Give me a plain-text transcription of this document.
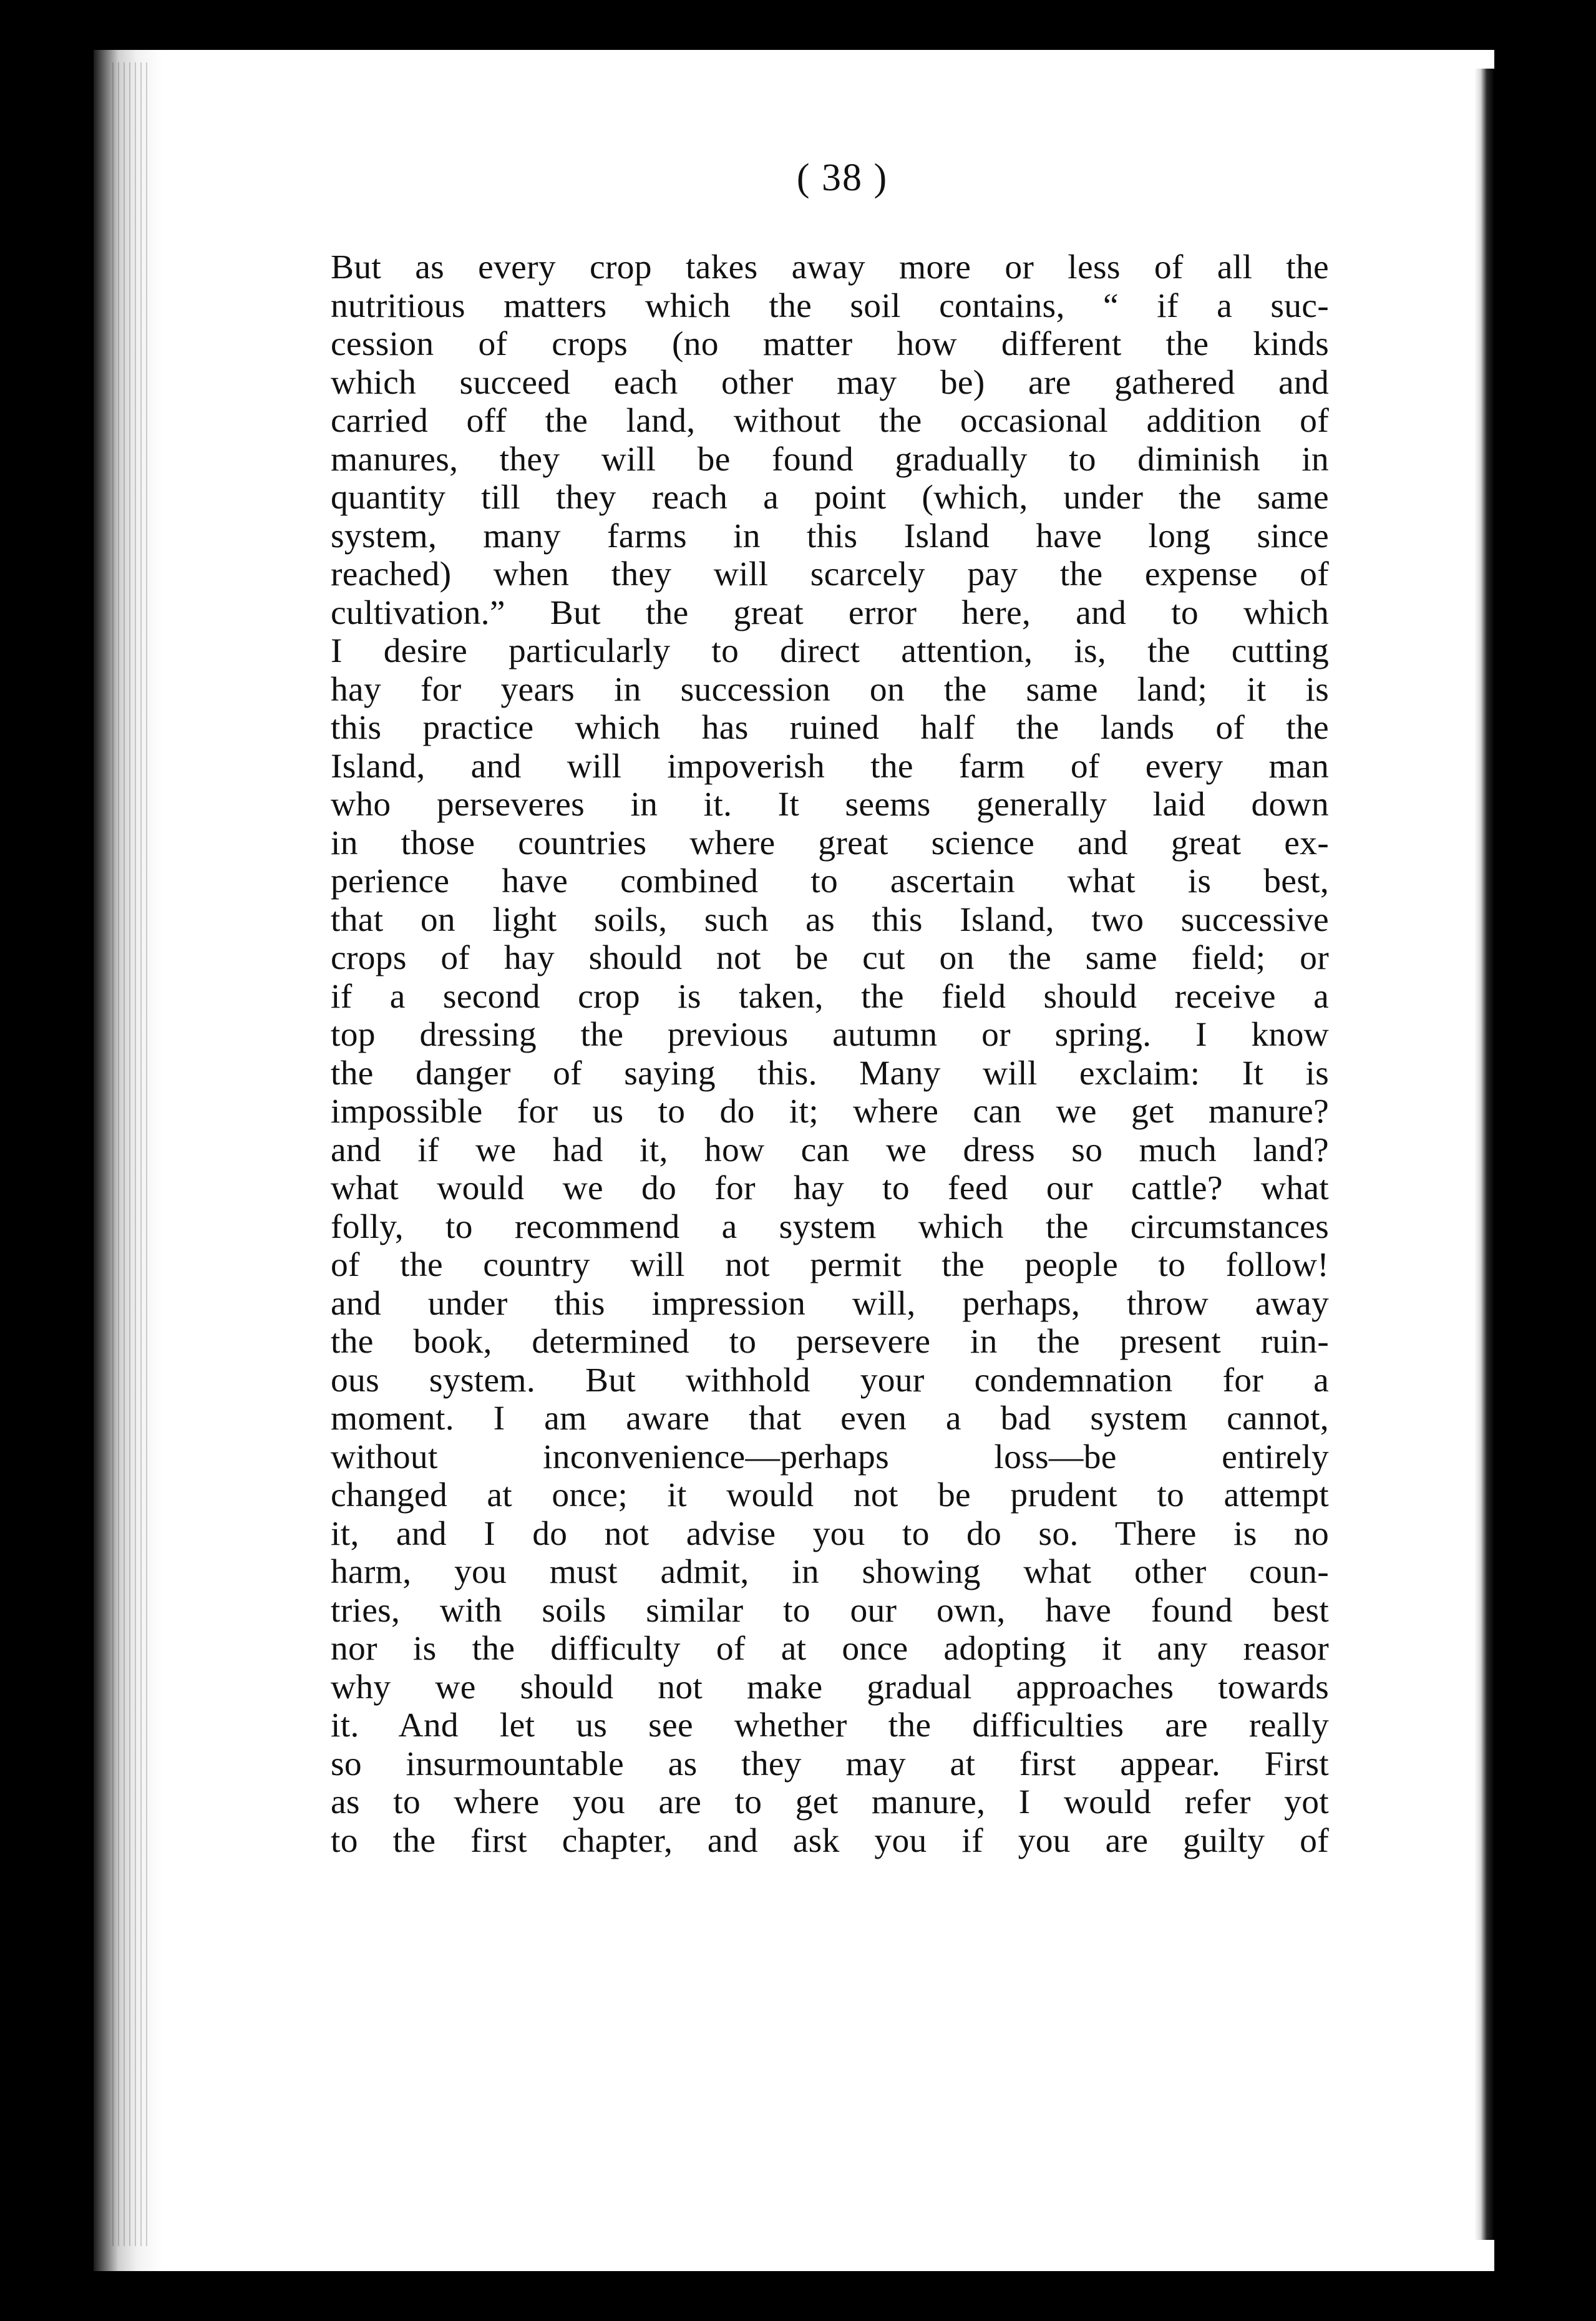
( 38 )
But as every crop takes away more or less of all the
nutritious matters which the soil contains, “ if a suc-
cession of crops (no matter how different the kinds
which succeed each other may be) are gathered and
carried off the land, without the occasional addition of
manures, they will be found gradually to diminish in
quantity till they reach a point (which, under the same
system, many farms in this Island have long since
reached) when they will scarcely pay the expense of
cultivation.” But the great error here, and to which
I desire particularly to direct attention, is, the cutting
hay for years in succession on the same land; it is
this practice which has ruined half the lands of the
Island, and will impoverish the farm of every man
who perseveres in it. It seems generally laid down
in those countries where great science and great ex-
perience have combined to ascertain what is best,
that on light soils, such as this Island, two successive
crops of hay should not be cut on the same field; or
if a second crop is taken, the field should receive a
top dressing the previous autumn or spring. I know
the danger of saying this. Many will exclaim: It is
impossible for us to do it; where can we get manure?
and if we had it, how can we dress so much land?
what would we do for hay to feed our cattle? what
folly, to recommend a system which the circumstances
of the country will not permit the people to follow!
and under this impression will, perhaps, throw away
the book, determined to persevere in the present ruin-
ous system. But withhold your condemnation for a
moment. I am aware that even a bad system cannot,
without inconvenience—perhaps loss—be entirely
changed at once; it would not be prudent to attempt
it, and I do not advise you to do so. There is no
harm, you must admit, in showing what other coun-
tries, with soils similar to our own, have found best
nor is the difficulty of at once adopting it any reasor
why we should not make gradual approaches towards
it. And let us see whether the difficulties are really
so insurmountable as they may at first appear. First
as to where you are to get manure, I would refer yot
to the first chapter, and ask you if you are guilty of
